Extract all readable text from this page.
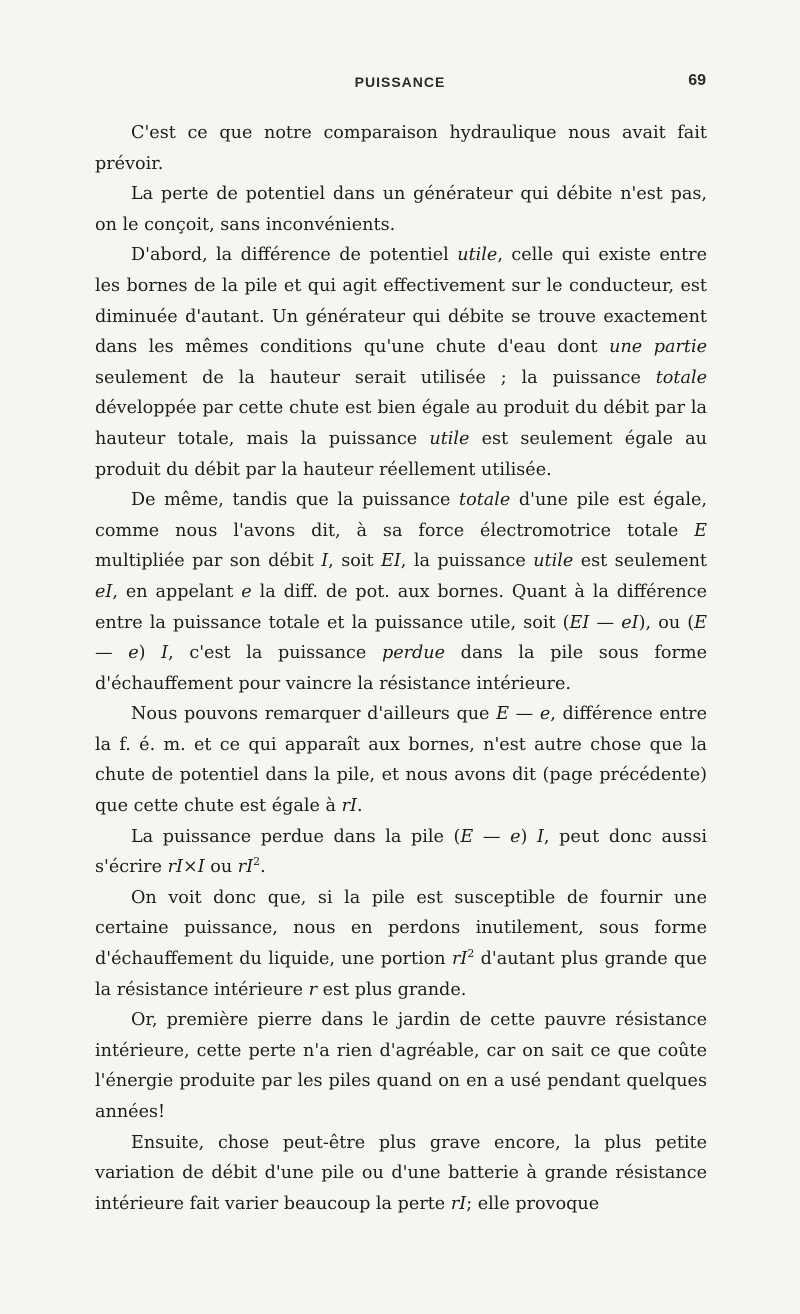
PUISSANCE	69

C'est ce que notre comparaison hydraulique nous avait fait prévoir.

La perte de potentiel dans un générateur qui débite n'est pas, on le conçoit, sans inconvénients.

D'abord, la différence de potentiel utile, celle qui existe entre les bornes de la pile et qui agit effectivement sur le conducteur, est diminuée d'autant. Un générateur qui débite se trouve exactement dans les mêmes conditions qu'une chute d'eau dont une partie seulement de la hauteur serait utilisée ; la puissance totale développée par cette chute est bien égale au produit du débit par la hauteur totale, mais la puissance utile est seulement égale au produit du débit par la hauteur réellement utilisée.

De même, tandis que la puissance totale d'une pile est égale, comme nous l'avons dit, à sa force électromotrice totale E multipliée par son débit I, soit EI, la puissance utile est seulement eI, en appelant e la diff. de pot. aux bornes. Quant à la différence entre la puissance totale et la puissance utile, soit (EI — eI), ou (E — e) I, c'est la puissance perdue dans la pile sous forme d'échauffement pour vaincre la résistance intérieure.

Nous pouvons remarquer d'ailleurs que E — e, différence entre la f. é. m. et ce qui apparaît aux bornes, n'est autre chose que la chute de potentiel dans la pile, et nous avons dit (page précédente) que cette chute est égale à rI.

La puissance perdue dans la pile (E — e) I, peut donc aussi s'écrire rI×I ou $rI^2$.

On voit donc que, si la pile est susceptible de fournir une certaine puissance, nous en perdons inutilement, sous forme d'échauffement du liquide, une portion $rI^2$ d'autant plus grande que la résistance intérieure r est plus grande.

Or, première pierre dans le jardin de cette pauvre résistance intérieure, cette perte n'a rien d'agréable, car on sait ce que coûte l'énergie produite par les piles quand on en a usé pendant quelques années!

Ensuite, chose peut-être plus grave encore, la plus petite variation de débit d'une pile ou d'une batterie à grande résistance intérieure fait varier beaucoup la perte rI; elle provoque
